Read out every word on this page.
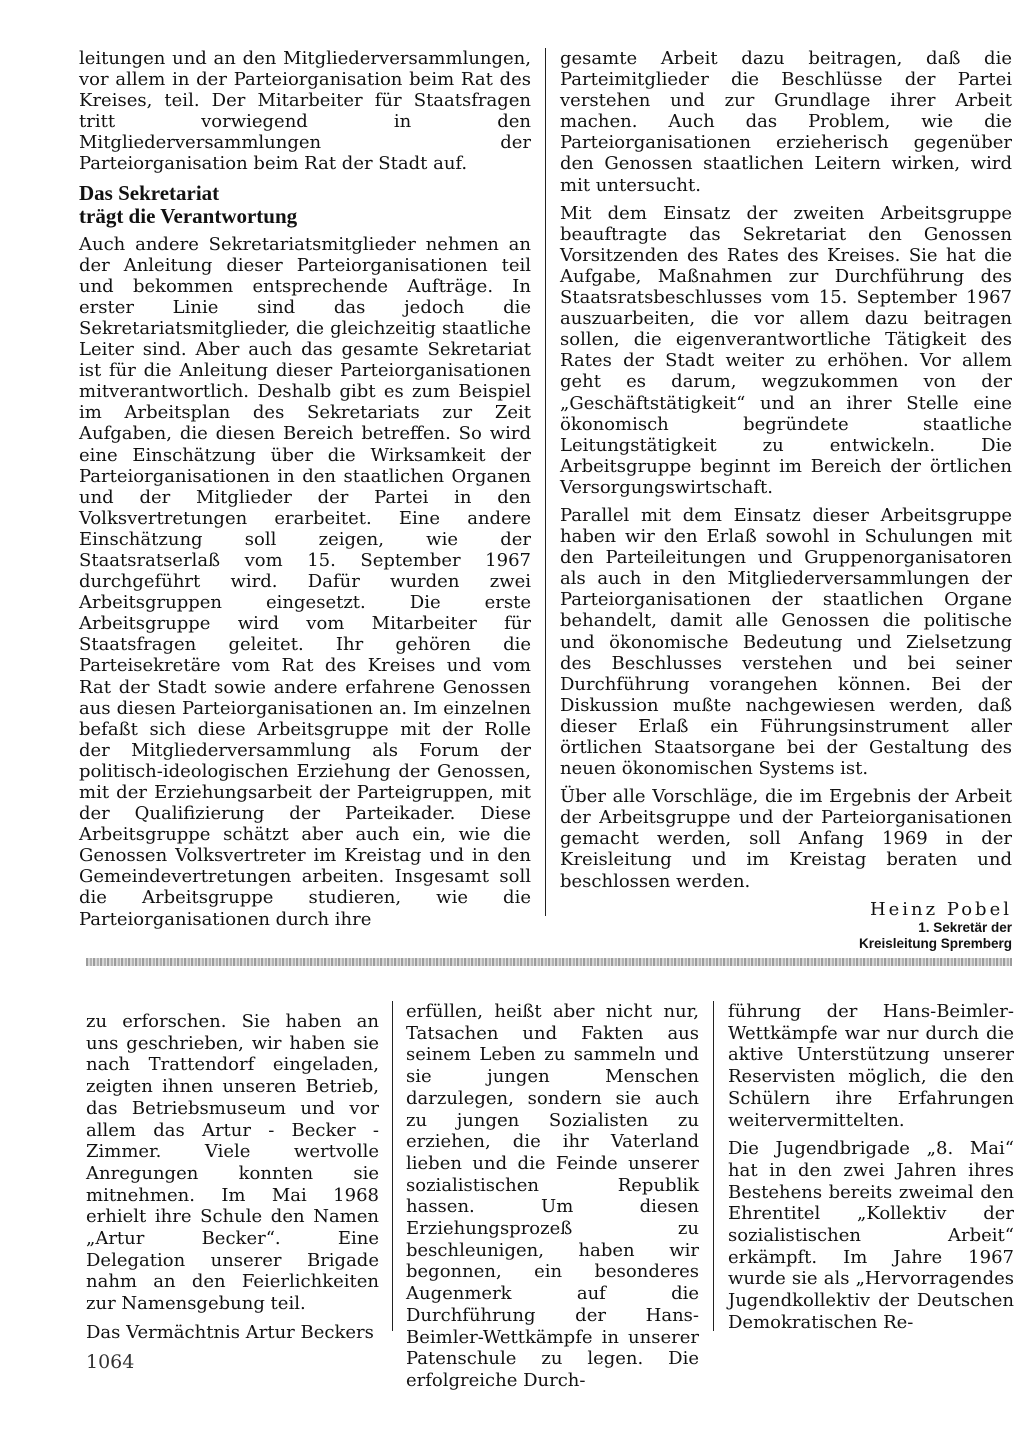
leitungen und an den Mitgliederversammlungen, vor allem in der Parteiorganisation beim Rat des Kreises, teil. Der Mitarbeiter für Staatsfragen tritt vorwiegend in den Mitgliederversammlungen der Parteiorganisation beim Rat der Stadt auf.

Das Sekretariat
trägt die Verantwortung

Auch andere Sekretariatsmitglieder nehmen an der Anleitung dieser Parteiorganisationen teil und bekommen entsprechende Aufträge. In erster Linie sind das jedoch die Sekretariatsmitglieder, die gleichzeitig staatliche Leiter sind. Aber auch das gesamte Sekretariat ist für die Anleitung dieser Parteiorganisationen mitverantwortlich. Deshalb gibt es zum Beispiel im Arbeitsplan des Sekretariats zur Zeit Aufgaben, die diesen Bereich betreffen. So wird eine Einschätzung über die Wirksamkeit der Parteiorganisationen in den staatlichen Organen und der Mitglieder der Partei in den Volksvertretungen erarbeitet. Eine andere Einschätzung soll zeigen, wie der Staatsratserlaß vom 15. September 1967 durchgeführt wird. Dafür wurden zwei Arbeitsgruppen eingesetzt. Die erste Arbeitsgruppe wird vom Mitarbeiter für Staatsfragen geleitet. Ihr gehören die Parteisekretäre vom Rat des Kreises und vom Rat der Stadt sowie andere erfahrene Genossen aus diesen Parteiorganisationen an. Im einzelnen befaßt sich diese Arbeitsgruppe mit der Rolle der Mitgliederversammlung als Forum der politisch-ideologischen Erziehung der Genossen, mit der Erziehungsarbeit der Parteigruppen, mit der Qualifizierung der Parteikader. Diese Arbeitsgruppe schätzt aber auch ein, wie die Genossen Volksvertreter im Kreistag und in den Gemeindevertretungen arbeiten. Insgesamt soll die Arbeitsgruppe studieren, wie die Parteiorganisationen durch ihre

gesamte Arbeit dazu beitragen, daß die Parteimitglieder die Beschlüsse der Partei verstehen und zur Grundlage ihrer Arbeit machen. Auch das Problem, wie die Parteiorganisationen erzieherisch gegenüber den Genossen staatlichen Leitern wirken, wird mit untersucht.

Mit dem Einsatz der zweiten Arbeitsgruppe beauftragte das Sekretariat den Genossen Vorsitzenden des Rates des Kreises. Sie hat die Aufgabe, Maßnahmen zur Durchführung des Staatsratsbeschlusses vom 15. September 1967 auszuarbeiten, die vor allem dazu beitragen sollen, die eigenverantwortliche Tätigkeit des Rates der Stadt weiter zu erhöhen. Vor allem geht es darum, wegzukommen von der „Geschäftstätigkeit“ und an ihrer Stelle eine ökonomisch begründete staatliche Leitungstätigkeit zu entwickeln. Die Arbeitsgruppe beginnt im Bereich der örtlichen Versorgungswirtschaft.

Parallel mit dem Einsatz dieser Arbeitsgruppe haben wir den Erlaß sowohl in Schulungen mit den Parteileitungen und Gruppenorganisatoren als auch in den Mitgliederversammlungen der Parteiorganisationen der staatlichen Organe behandelt, damit alle Genossen die politische und ökonomische Bedeutung und Zielsetzung des Beschlusses verstehen und bei seiner Durchführung vorangehen können. Bei der Diskussion mußte nachgewiesen werden, daß dieser Erlaß ein Führungsinstrument aller örtlichen Staatsorgane bei der Gestaltung des neuen ökonomischen Systems ist.

Über alle Vorschläge, die im Ergebnis der Arbeit der Arbeitsgruppe und der Parteiorganisationen gemacht werden, soll Anfang 1969 in der Kreisleitung und im Kreistag beraten und beschlossen werden.

Heinz Pobel
1. Sekretär der
Kreisleitung Spremberg

zu erforschen. Sie haben an uns geschrieben, wir haben sie nach Trattendorf eingeladen, zeigten ihnen unseren Betrieb, das Betriebsmuseum und vor allem das Artur - Becker - Zimmer. Viele wertvolle Anregungen konnten sie mitnehmen. Im Mai 1968 erhielt ihre Schule den Namen „Artur Becker“. Eine Delegation unserer Brigade nahm an den Feierlichkeiten zur Namensgebung teil.

Das Vermächtnis Artur Beckers

erfüllen, heißt aber nicht nur, Tatsachen und Fakten aus seinem Leben zu sammeln und sie jungen Menschen darzulegen, sondern sie auch zu jungen Sozialisten zu erziehen, die ihr Vaterland lieben und die Feinde unserer sozialistischen Republik hassen. Um diesen Erziehungsprozeß zu beschleunigen, haben wir begonnen, ein besonderes Augenmerk auf die Durchführung der Hans-Beimler-Wettkämpfe in unserer Patenschule zu legen. Die erfolgreiche Durch-

führung der Hans-Beimler-Wettkämpfe war nur durch die aktive Unterstützung unserer Reservisten möglich, die den Schülern ihre Erfahrungen weitervermittelten.

Die Jugendbrigade „8. Mai“ hat in den zwei Jahren ihres Bestehens bereits zweimal den Ehrentitel „Kollektiv der sozialistischen Arbeit“ erkämpft. Im Jahre 1967 wurde sie als „Hervorragendes Jugendkollektiv der Deutschen Demokratischen Re-

1064
